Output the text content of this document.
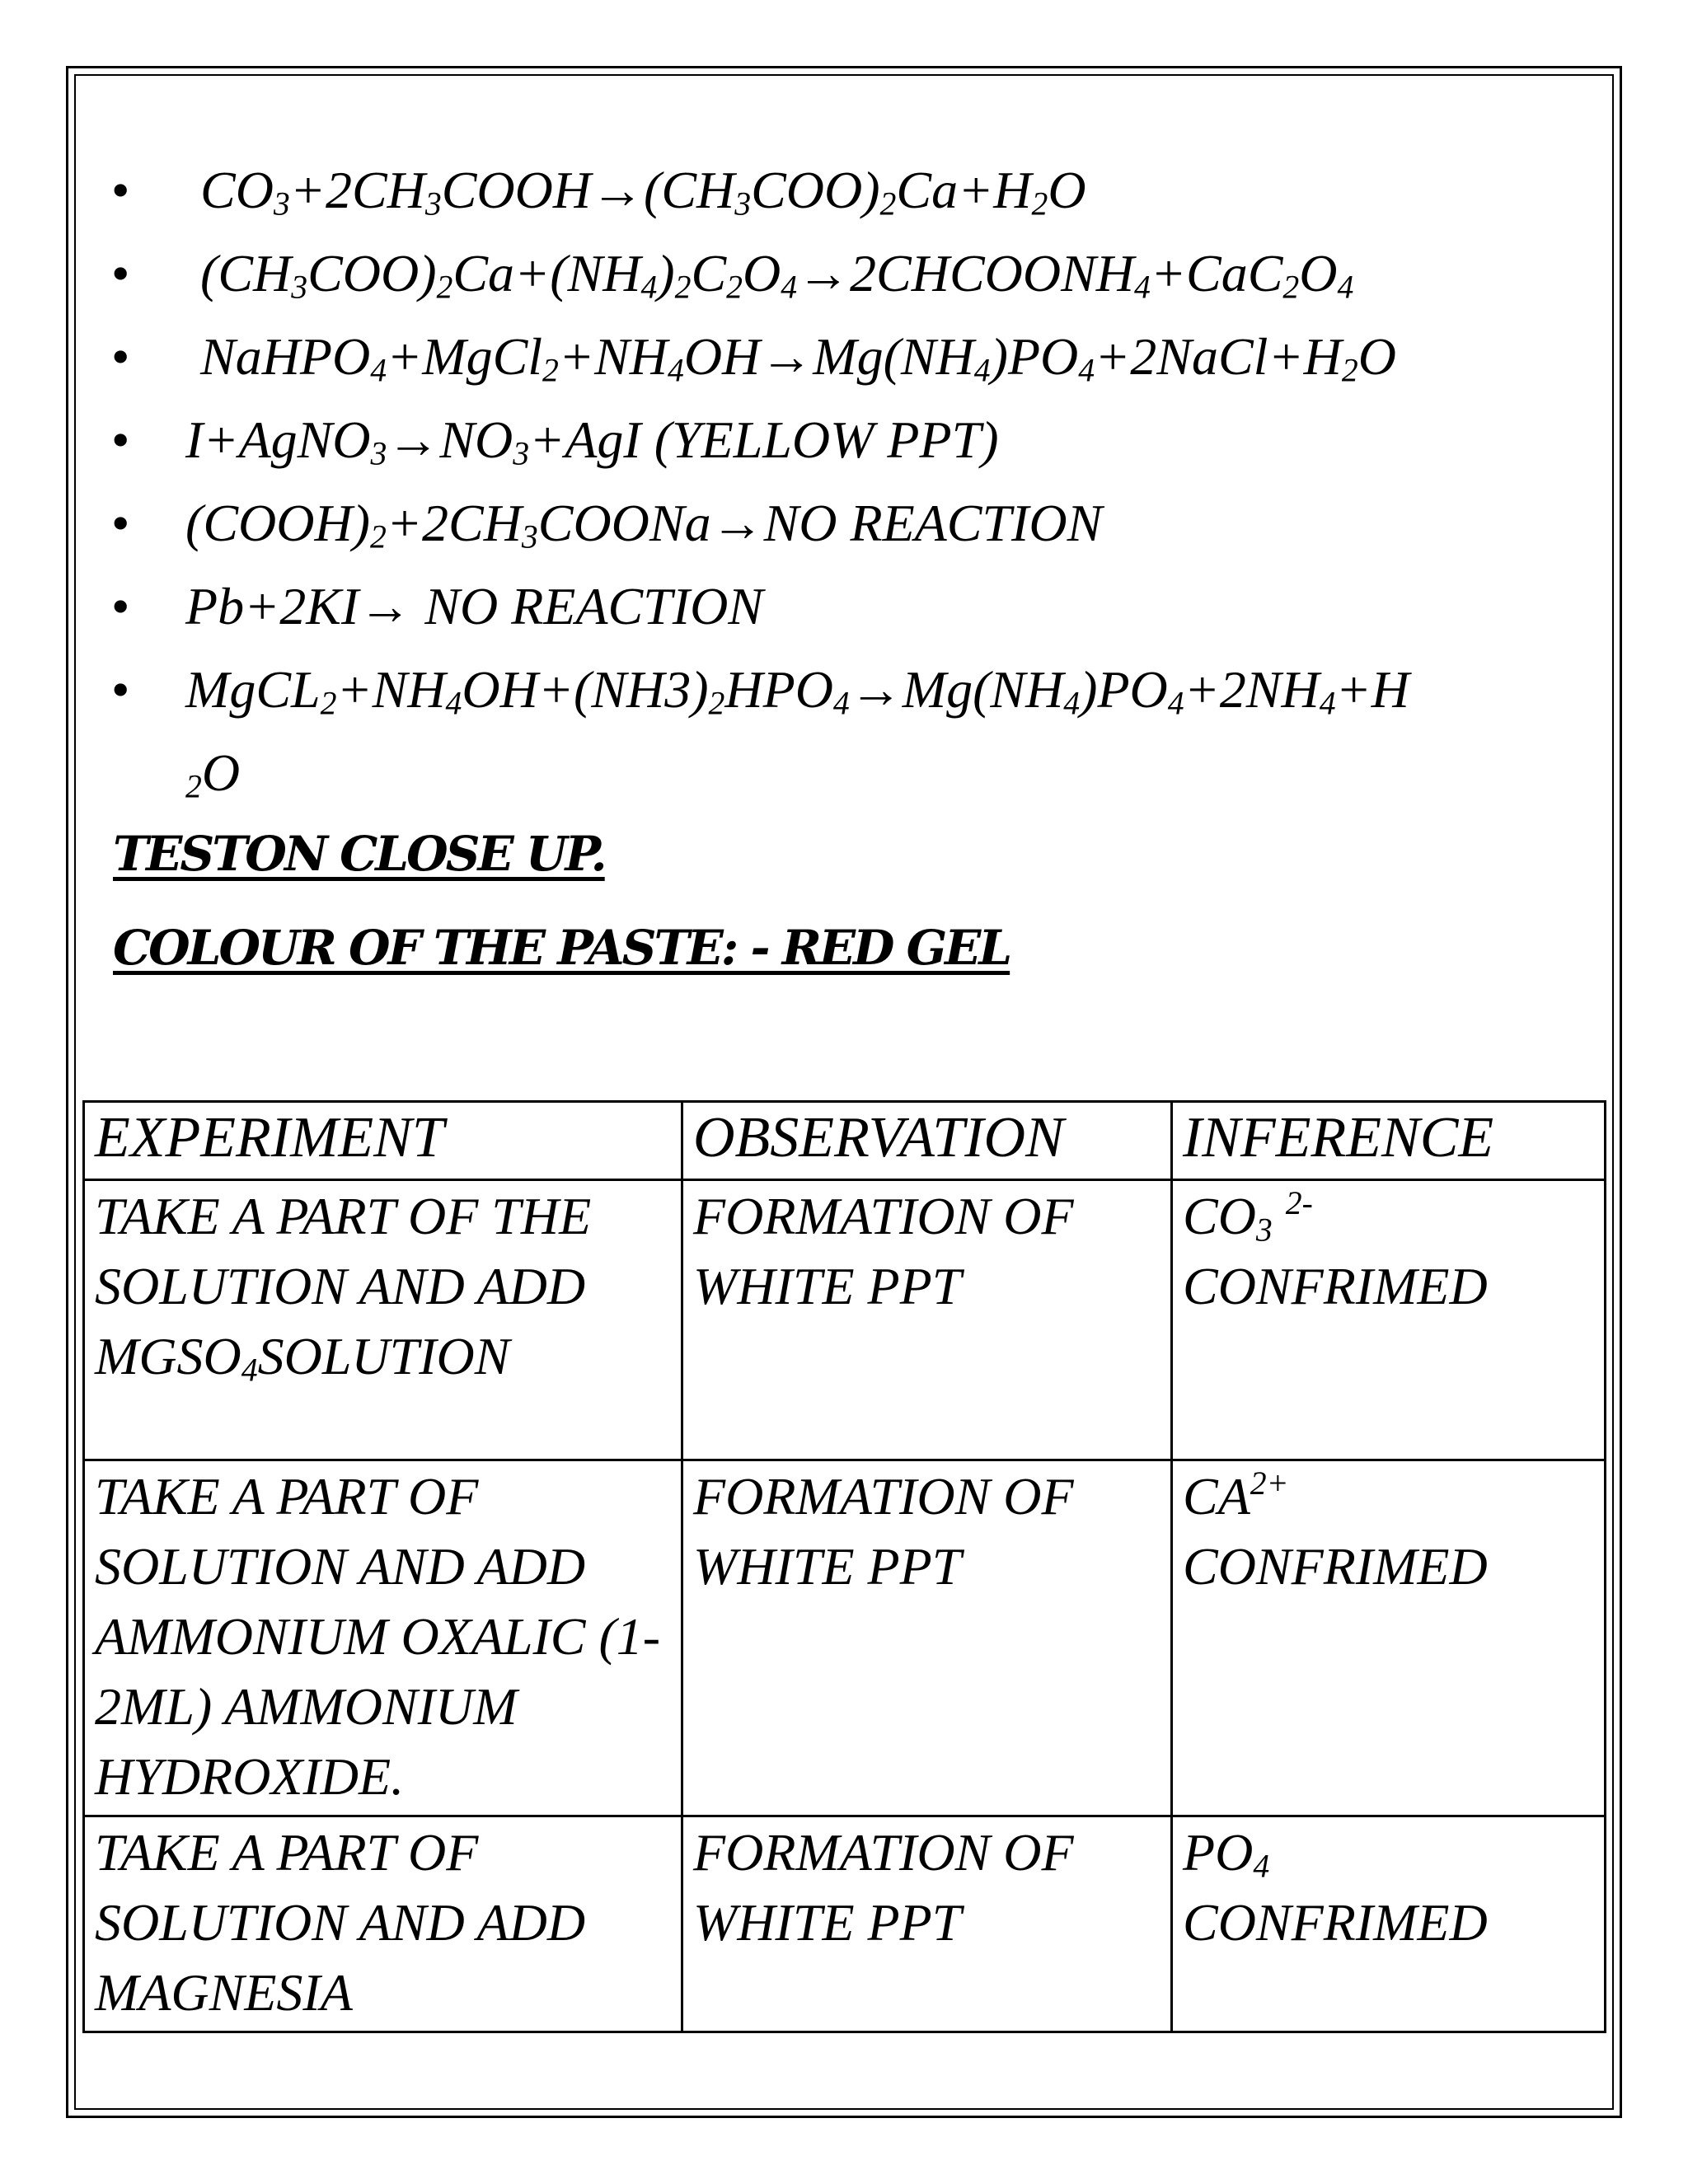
• $CO_3+2CH_3COOH\to(CH_3COO)_2Ca+H_2O$
• $(CH_3COO)_2Ca+(NH_4)_2C_2O_4\to 2CHCOONH_4+CaC_2O_4$
• $NaHPO_4+MgCl_2+NH_4OH\to Mg(NH_4)PO_4+2NaCl+H_2O$
• $I+AgNO_3\to NO_3+AgI$ (YELLOW PPT)
• $(COOH)_2+2CH_3COONa\to NO$ REACTION
• Pb+2KI→ NO REACTION
• $MgCL_2+NH_4OH+(NH3)_2HPO_4\to Mg(NH_4)PO_4+2NH_4+H$
$_2$O

TESTON CLOSE UP.

COLOUR OF THE PASTE: - RED GEL

EXPERIMENT	OBSERVATION	INFERENCE
TAKE A PART OF THE SOLUTION AND ADD
$MGSO_4SOLUTION$	FORMATION OF WHITE PPT	$CO_3$ $^{2-}$
CONFRIMED
TAKE A PART OF SOLUTION AND ADD AMMONIUM OXALIC (1-2ML) AMMONIUM HYDROXIDE.	FORMATION OF WHITE PPT	$CA^{2+}$
CONFRIMED
TAKE A PART OF SOLUTION AND ADD MAGNESIA	FORMATION OF WHITE PPT	$PO_4$
CONFRIMED
